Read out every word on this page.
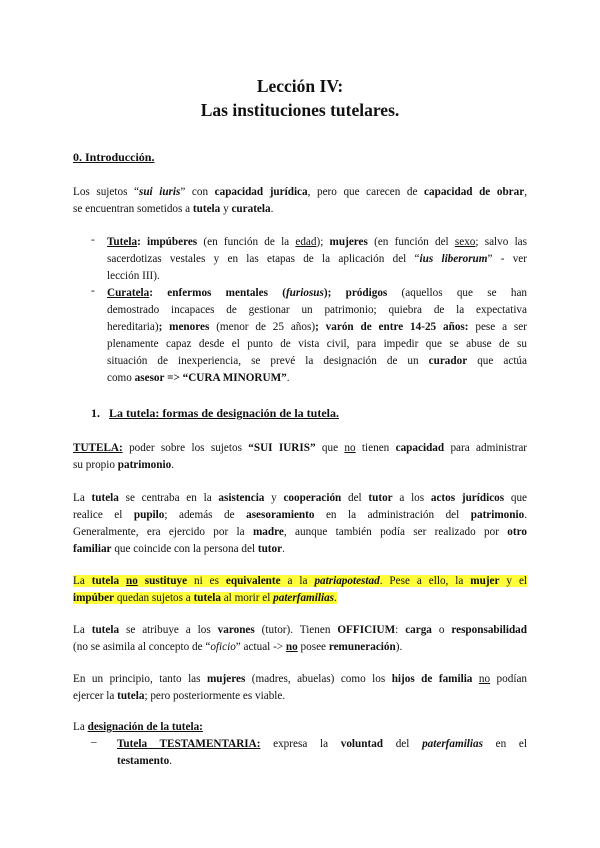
Lección IV:
Las instituciones tutelares.
0. Introducción.
Los sujetos “sui iuris” con capacidad jurídica, pero que carecen de capacidad de obrar,
se encuentran sometidos a tutela y curatela.
- Tutela: impúberes (en función de la edad); mujeres (en función del sexo; salvo las
sacerdotizas vestales y en las etapas de la aplicación del “ius liberorum” - ver
lección III).
- Curatela: enfermos mentales (furiosus); pródigos (aquellos que se han
demostrado incapaces de gestionar un patrimonio; quiebra de la expectativa
hereditaria); menores (menor de 25 años); varón de entre 14-25 años: pese a ser
plenamente capaz desde el punto de vista civil, para impedir que se abuse de su
situación de inexperiencia, se prevé la designación de un curador que actúa
como asesor => “CURA MINORUM”.
1. La tutela: formas de designación de la tutela.
TUTELA: poder sobre los sujetos “SUI IURIS” que no tienen capacidad para administrar
su propio patrimonio.
La tutela se centraba en la asistencia y cooperación del tutor a los actos jurídicos que
realice el pupilo; además de asesoramiento en la administración del patrimonio.
Generalmente, era ejercido por la madre, aunque también podía ser realizado por otro
familiar que coincide con la persona del tutor.
La tutela no sustituye ni es equivalente a la patriapotestad. Pese a ello, la mujer y el
impúber quedan sujetos a tutela al morir el paterfamilias.
La tutela se atribuye a los varones (tutor). Tienen OFFICIUM: carga o responsabilidad
(no se asimila al concepto de “oficio” actual -> no posee remuneración).
En un principio, tanto las mujeres (madres, abuelas) como los hijos de familia no podían
ejercer la tutela; pero posteriormente es viable.
La designación de la tutela:
– Tutela TESTAMENTARIA: expresa la voluntad del paterfamilias en el
testamento.
